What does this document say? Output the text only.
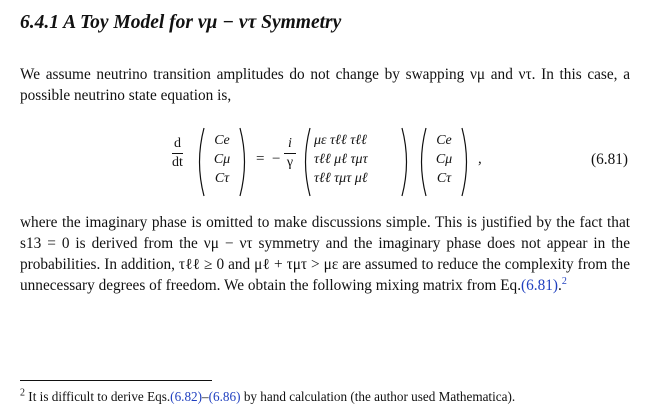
6.4.1 A Toy Model for νμ − ντ Symmetry
We assume neutrino transition amplitudes do not change by swapping νμ and ντ. In this case, a possible neutrino state equation is,
d
dt
Ce
Cμ
Cτ
= −
i
γ
με τℓℓ τℓℓ
τℓℓ μℓ τμτ
τℓℓ τμτ μℓ
Ce
Cμ
Cτ
,	(6.81)
where the imaginary phase is omitted to make discussions simple. This is justified by the fact that s13 = 0 is derived from the νμ − ντ symmetry and the imaginary phase does not appear in the probabilities. In addition, τℓℓ ≥ 0 and μℓ + τμτ > με are assumed to reduce the complexity from the unnecessary degrees of freedom. We obtain the following mixing matrix from Eq.(6.81).$^2$
$^2$ It is difficult to derive Eqs.(6.82)–(6.86) by hand calculation (the author used Mathematica).
